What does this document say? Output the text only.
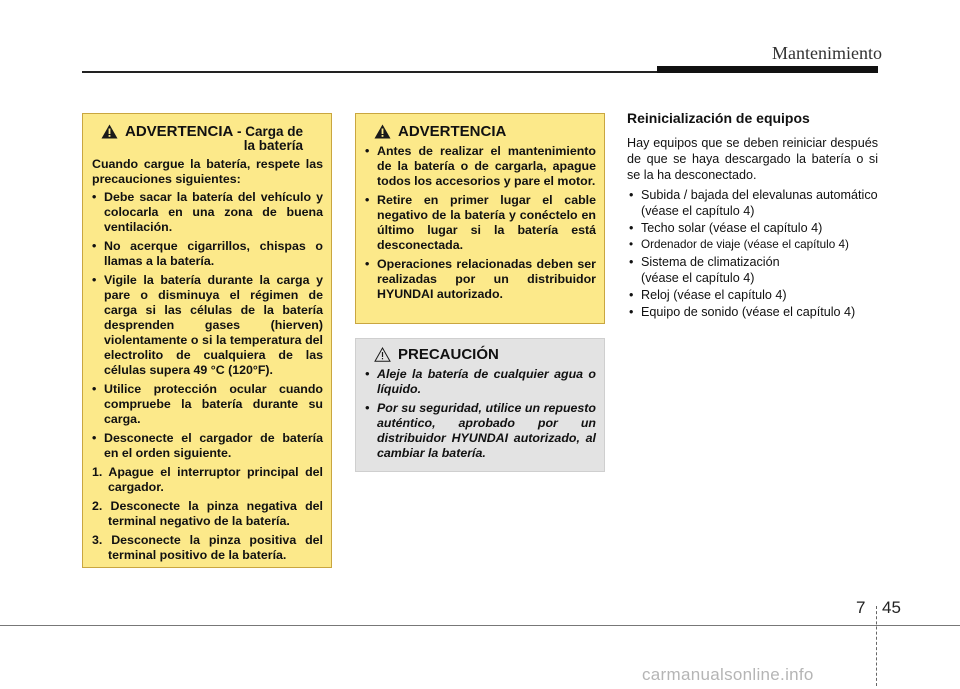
Mantenimiento
ADVERTENCIA - Carga de
la batería

Cuando cargue la batería, respete las precauciones siguientes:

• Debe sacar la batería del vehículo y colocarla en una zona de buena ventilación.
• No acerque cigarrillos, chispas o llamas a la batería.
• Vigile la batería durante la carga y pare o disminuya el régimen de carga si las células de la batería desprenden gases (hierven) violentamente o si la temperatura del electrolito de cualquiera de las células supera 49 °C (120°F).
• Utilice protección ocular cuando compruebe la batería durante su carga.
• Desconecte el cargador de batería en el orden siguiente.
1. Apague el interruptor principal del cargador.
2. Desconecte la pinza negativa del terminal negativo de la batería.
3. Desconecte la pinza positiva del terminal positivo de la batería.
ADVERTENCIA
• Antes de realizar el mantenimiento de la batería o de cargarla, apague todos los accesorios y pare el motor.
• Retire en primer lugar el cable negativo de la batería y conéctelo en último lugar si la batería está desconectada.
• Operaciones relacionadas deben ser realizadas por un distribuidor HYUNDAI autorizado.
PRECAUCIÓN
• Aleje la batería de cualquier agua o líquido.
• Por su seguridad, utilice un repuesto auténtico, aprobado por un distribuidor HYUNDAI autorizado, al cambiar la batería.
Reinicialización de equipos

Hay equipos que se deben reiniciar después de que se haya descargado la batería o si se la ha desconectado.

• Subida / bajada del elevalunas automático (véase el capítulo 4)
• Techo solar (véase el capítulo 4)
• Ordenador de viaje (véase el capítulo 4)
• Sistema de climatización
(véase el capítulo 4)
• Reloj (véase el capítulo 4)
• Equipo de sonido (véase el capítulo 4)
7 45
carmanualsonline.info
